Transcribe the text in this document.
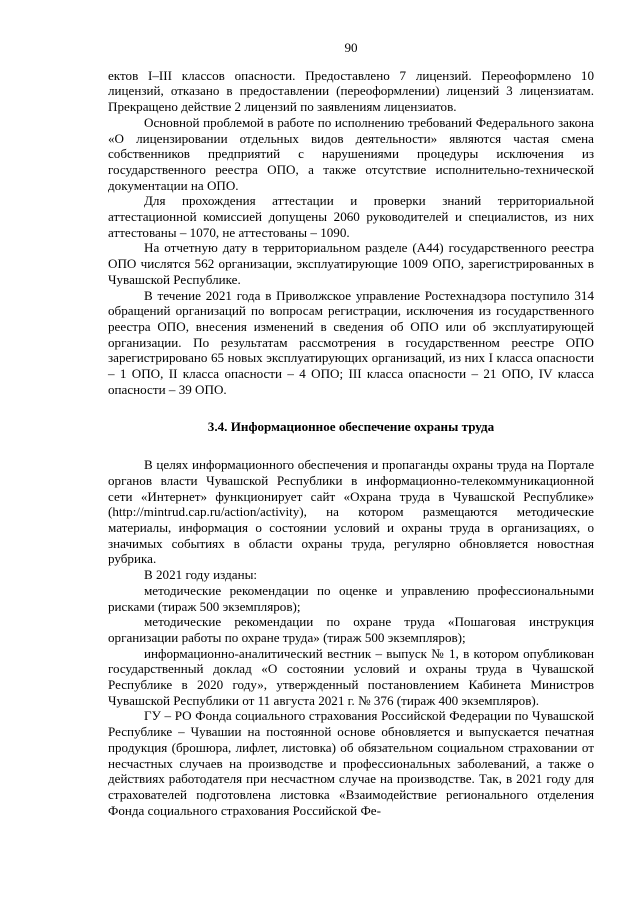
90

ектов I–III классов опасности. Предоставлено 7 лицензий. Переоформлено 10 лицензий, отказано в предоставлении (переоформлении) лицензий 3 лицензиатам. Прекращено действие 2 лицензий по заявлениям лицензиатов.

Основной проблемой в работе по исполнению требований Федерального закона «О лицензировании отдельных видов деятельности» являются частая смена собственников предприятий с нарушениями процедуры исключения из государственного реестра ОПО, а также отсутствие исполнительно-технической документации на ОПО.

Для прохождения аттестации и проверки знаний территориальной аттестационной комиссией допущены 2060 руководителей и специалистов, из них аттестованы – 1070, не аттестованы – 1090.

На отчетную дату в территориальном разделе (А44) государственного реестра ОПО числятся 562 организации, эксплуатирующие 1009 ОПО, зарегистрированных в Чувашской Республике.

В течение 2021 года в Приволжское управление Ростехнадзора поступило 314 обращений организаций по вопросам регистрации, исключения из государственного реестра ОПО, внесения изменений в сведения об ОПО или об эксплуатирующей организации. По результатам рассмотрения в государственном реестре ОПО зарегистрировано 65 новых эксплуатирующих организаций, из них I класса опасности – 1 ОПО, II класса опасности – 4 ОПО; III класса опасности – 21 ОПО, IV класса опасности – 39 ОПО.

3.4. Информационное обеспечение охраны труда

В целях информационного обеспечения и пропаганды охраны труда на Портале органов власти Чувашской Республики в информационно-телекоммуникационной сети «Интернет» функционирует сайт «Охрана труда в Чувашской Республике» (http://mintrud.cap.ru/action/activity), на котором размещаются методические материалы, информация о состоянии условий и охраны труда в организациях, о значимых событиях в области охраны труда, регулярно обновляется новостная рубрика.

В 2021 году изданы:

методические рекомендации по оценке и управлению профессиональными рисками (тираж 500 экземпляров);

методические рекомендации по охране труда «Пошаговая инструкция организации работы по охране труда» (тираж 500 экземпляров);

информационно-аналитический вестник – выпуск № 1, в котором опубликован государственный доклад «О состоянии условий и охраны труда в Чувашской Республике в 2020 году», утвержденный постановлением Кабинета Министров Чувашской Республики от 11 августа 2021 г. № 376 (тираж 400 экземпляров).

ГУ – РО Фонда социального страхования Российской Федерации по Чувашской Республике – Чувашии на постоянной основе обновляется и выпускается печатная продукция (брошюра, лифлет, листовка) об обязательном социальном страховании от несчастных случаев на производстве и профессиональных заболеваний, а также о действиях работодателя при несчастном случае на производстве. Так, в 2021 году для страхователей подготовлена листовка «Взаимодействие регионального отделения Фонда социального страхования Российской Фе-
